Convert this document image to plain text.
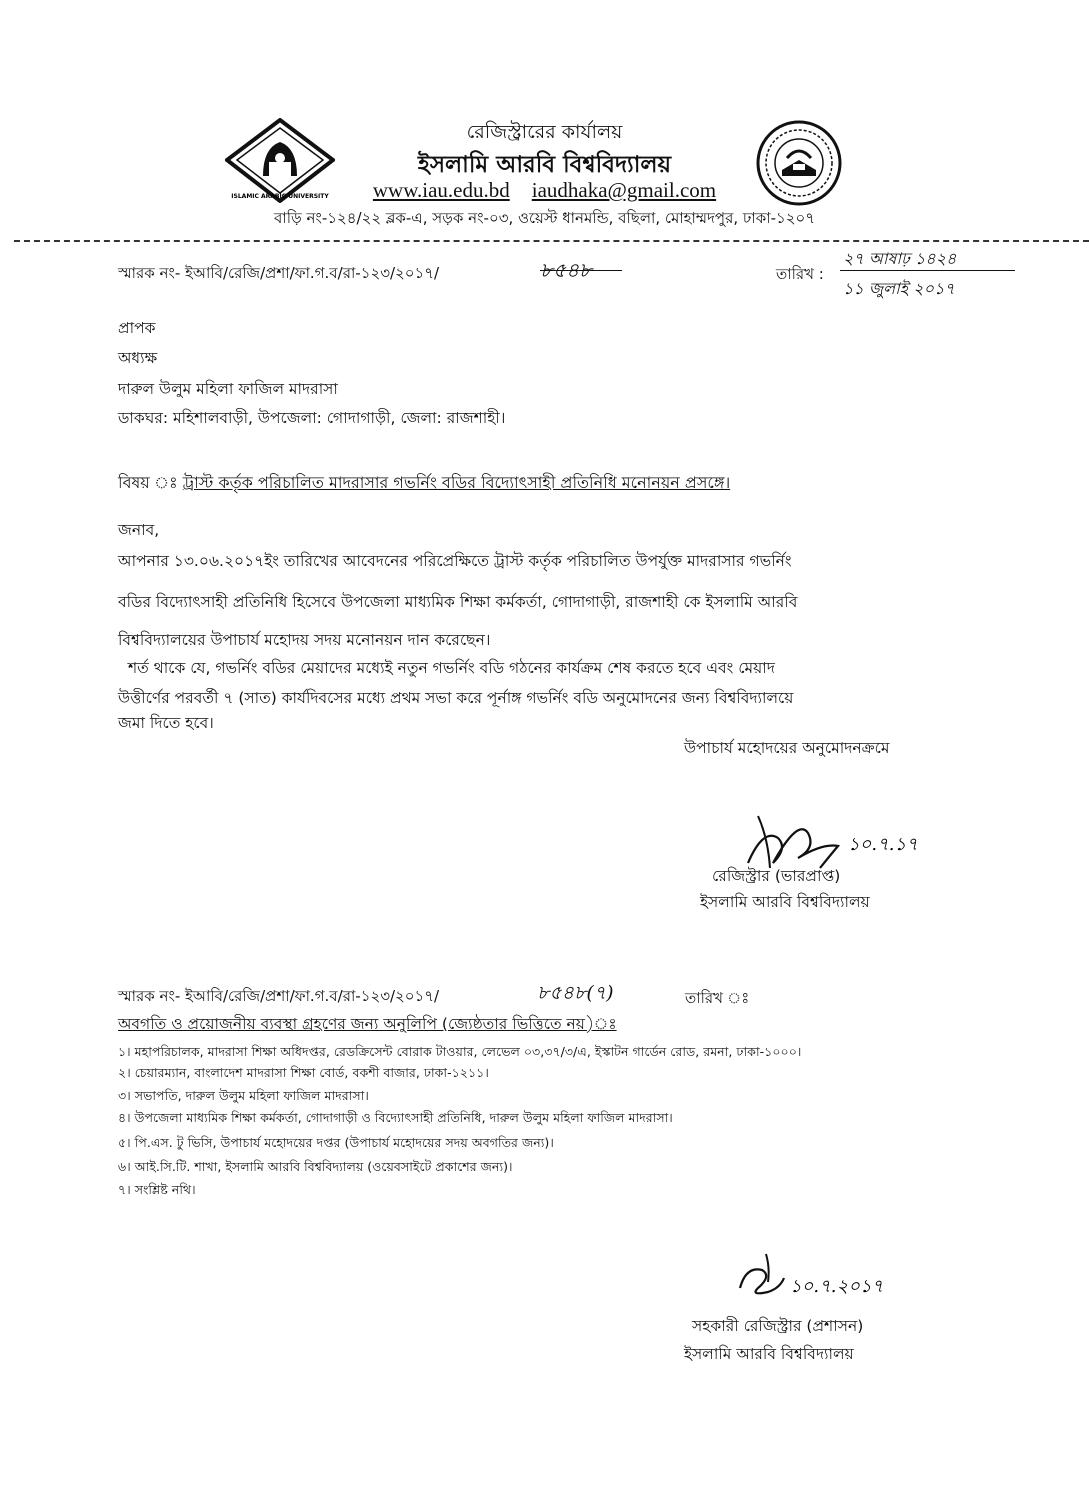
ISLAMIC ARABIC UNIVERSITY
রেজিস্ট্রারের কার্যালয়
ইসলামি আরবি বিশ্ববিদ্যালয়
www.iau.edu.bd iaudhaka@gmail.com
বাড়ি নং-১২৪/২২ ব্লক-এ, সড়ক নং-০৩, ওয়েস্ট ধানমন্ডি, বছিলা, মোহাম্মদপুর, ঢাকা-১২০৭
স্মারক নং- ইআবি/রেজি/প্রশা/ফা.গ.ব/রা-১২৩/২০১৭/	৮৫৪৮	তারিখ :
২৭ আষাঢ় ১৪২৪
১১ জুলাই ২০১৭
প্রাপক
অধ্যক্ষ
দারুল উলুম মহিলা ফাজিল মাদরাসা
ডাকঘর: মহিশালবাড়ী, উপজেলা: গোদাগাড়ী, জেলা: রাজশাহী।
বিষয় ঃ ট্রাস্ট কর্তৃক পরিচালিত মাদরাসার গভর্নিং বডির বিদ্যোৎসাহী প্রতিনিধি মনোনয়ন প্রসঙ্গে।
জনাব,
আপনার ১৩.০৬.২০১৭ইং তারিখের আবেদনের পরিপ্রেক্ষিতে ট্রাস্ট কর্তৃক পরিচালিত উপর্যুক্ত মাদরাসার গভর্নিং
বডির বিদ্যোৎসাহী প্রতিনিধি হিসেবে উপজেলা মাধ্যমিক শিক্ষা কর্মকর্তা, গোদাগাড়ী, রাজশাহী কে ইসলামি আরবি
বিশ্ববিদ্যালয়ের উপাচার্য মহোদয় সদয় মনোনয়ন দান করেছেন।
শর্ত থাকে যে, গভর্নিং বডির মেয়াদের মধ্যেই নতুন গভর্নিং বডি গঠনের কার্যক্রম শেষ করতে হবে এবং মেয়াদ
উত্তীর্ণের পরবর্তী ৭ (সাত) কার্যদিবসের মধ্যে প্রথম সভা করে পূর্নাঙ্গ গভর্নিং বডি অনুমোদনের জন্য বিশ্ববিদ্যালয়ে
জমা দিতে হবে।
উপাচার্য মহোদয়ের অনুমোদনক্রমে
১০.৭.১৭
রেজিস্ট্রার (ভারপ্রাপ্ত)
ইসলামি আরবি বিশ্ববিদ্যালয়
স্মারক নং- ইআবি/রেজি/প্রশা/ফা.গ.ব/রা-১২৩/২০১৭/	৮৫৪৮(৭)	তারিখ ঃ
অবগতি ও প্রয়োজনীয় ব্যবস্থা গ্রহণের জন্য অনুলিপি (জ্যেষ্ঠতার ভিত্তিতে নয়)ঃ
১। মহাপরিচালক, মাদরাসা শিক্ষা অধিদপ্তর, রেডক্রিসেন্ট বোরাক টাওয়ার, লেভেল ০৩,৩৭/৩/এ, ইস্কাটন গার্ডেন রোড, রমনা, ঢাকা-১০০০।
২। চেয়ারম্যান, বাংলাদেশ মাদরাসা শিক্ষা বোর্ড, বকশী বাজার, ঢাকা-১২১১।
৩। সভাপতি, দারুল উলুম মহিলা ফাজিল মাদরাসা।
৪। উপজেলা মাধ্যমিক শিক্ষা কর্মকর্তা, গোদাগাড়ী ও বিদ্যোৎসাহী প্রতিনিধি, দারুল উলুম মহিলা ফাজিল মাদরাসা।
৫। পি.এস. টু ভিসি, উপাচার্য মহোদয়ের দপ্তর (উপাচার্য মহোদয়ের সদয় অবগতির জন্য)।
৬। আই.সি.টি. শাখা, ইসলামি আরবি বিশ্ববিদ্যালয় (ওয়েবসাইটে প্রকাশের জন্য)।
৭। সংশ্লিষ্ট নথি।
১০.৭.২০১৭
সহকারী রেজিস্ট্রার (প্রশাসন)
ইসলামি আরবি বিশ্ববিদ্যালয়
